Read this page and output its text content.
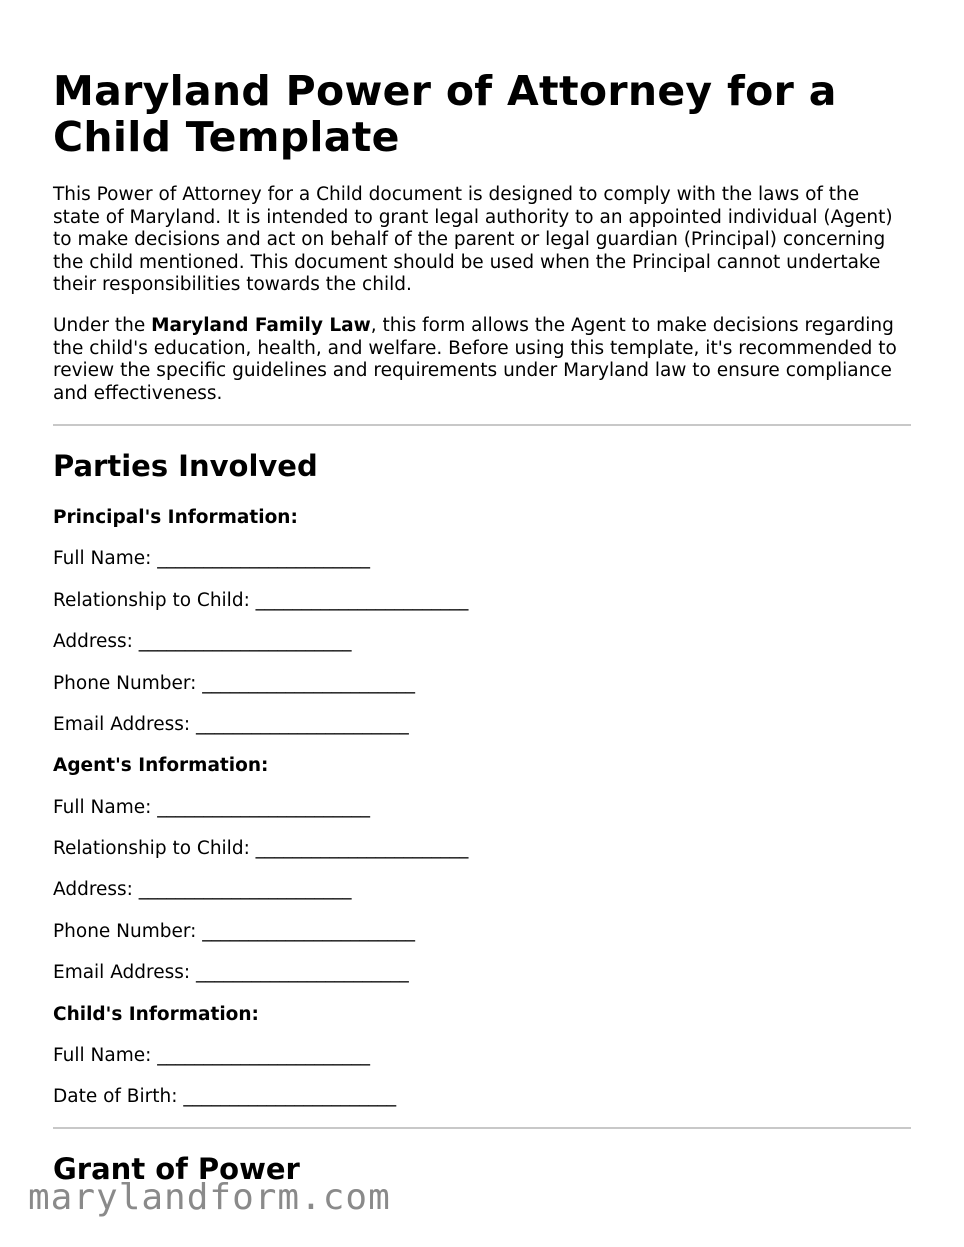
Maryland Power of Attorney for a Child Template

This Power of Attorney for a Child document is designed to comply with the laws of the state of Maryland. It is intended to grant legal authority to an appointed individual (Agent) to make decisions and act on behalf of the parent or legal guardian (Principal) concerning the child mentioned. This document should be used when the Principal cannot undertake their responsibilities towards the child.

Under the Maryland Family Law, this form allows the Agent to make decisions regarding the child's education, health, and welfare. Before using this template, it's recommended to review the specific guidelines and requirements under Maryland law to ensure compliance and effectiveness.

Parties Involved
Principal's Information:
Full Name: _______________________
Relationship to Child: _______________________
Address: _______________________
Phone Number: _______________________
Email Address: _______________________
Agent's Information:
Full Name: _______________________
Relationship to Child: _______________________
Address: _______________________
Phone Number: _______________________
Email Address: _______________________
Child's Information:
Full Name: _______________________
Date of Birth: _______________________
Grant of Power
marylandform.com
